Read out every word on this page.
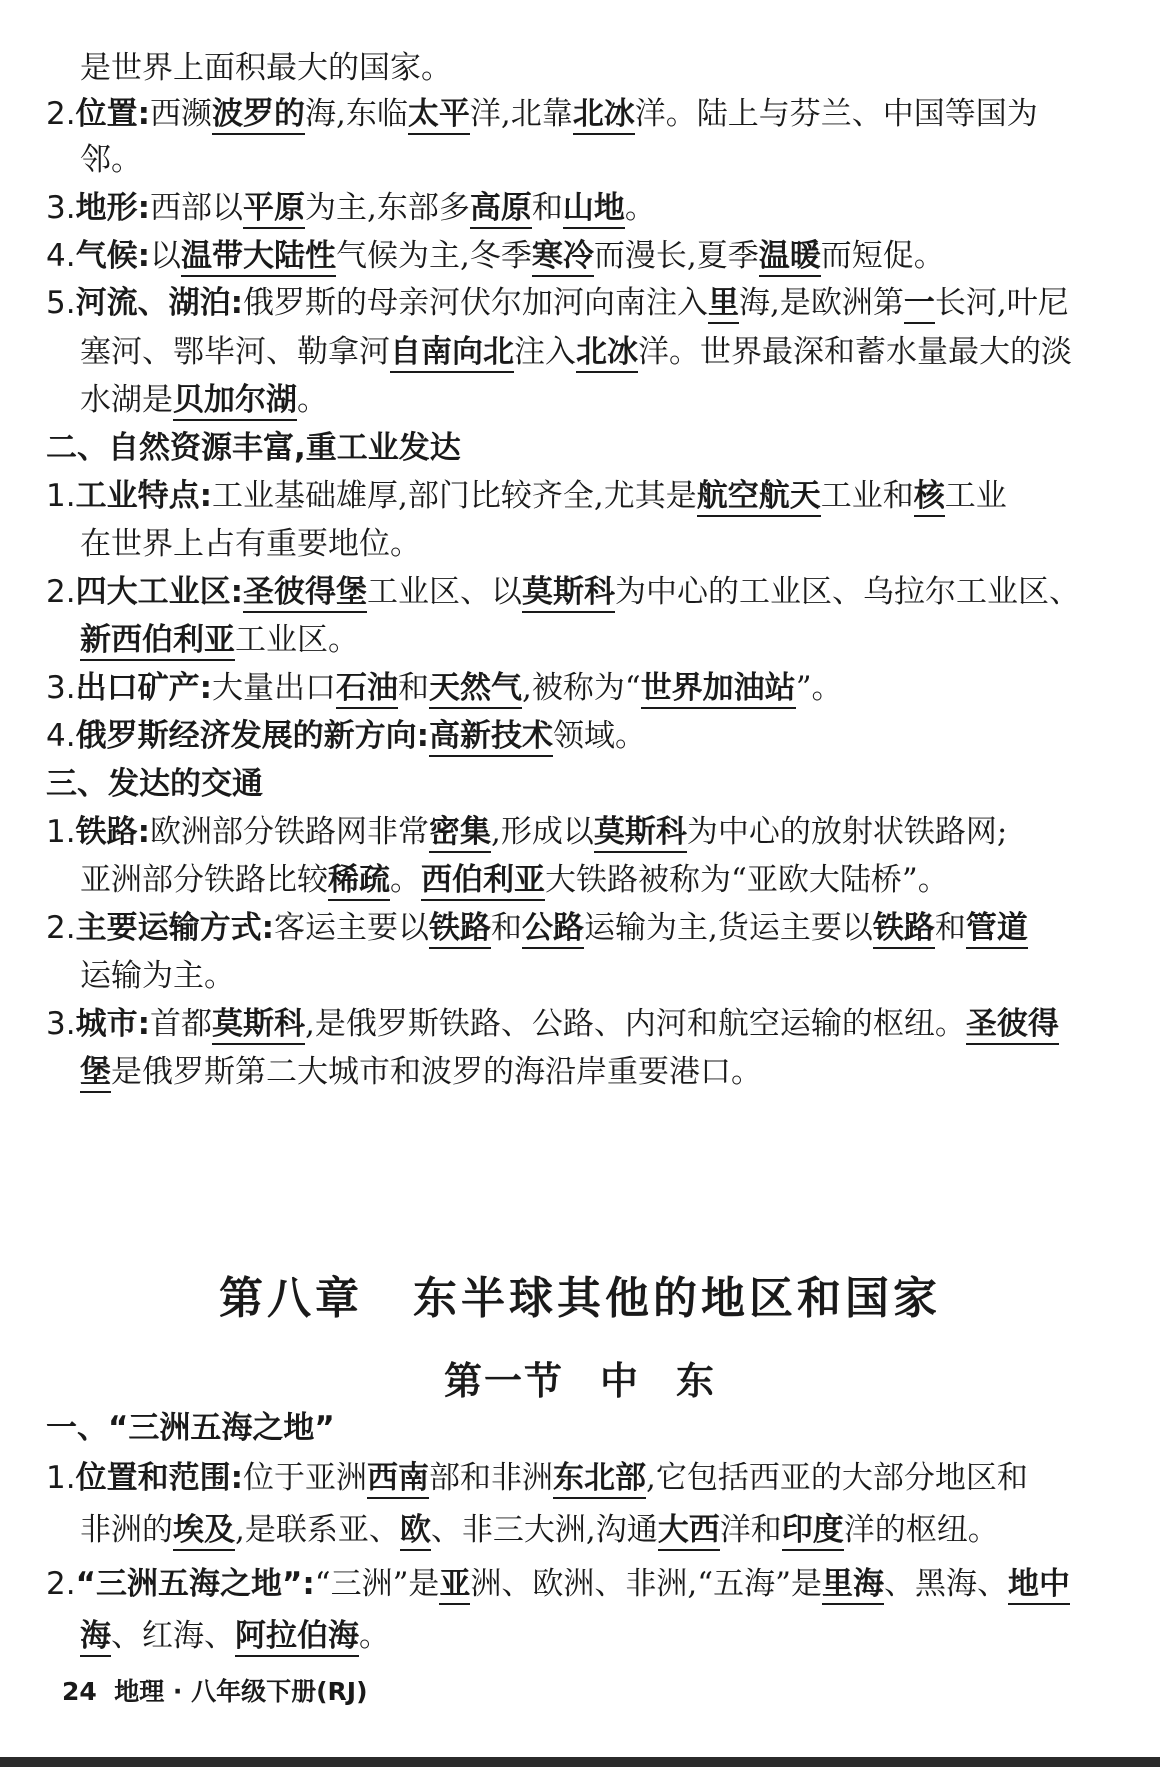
是世界上面积最大的国家。
2.位置:西濒波罗的海,东临太平洋,北靠北冰洋。陆上与芬兰、中国等国为
邻。
3.地形:西部以平原为主,东部多高原和山地。
4.气候:以温带大陆性气候为主,冬季寒冷而漫长,夏季温暖而短促。
5.河流、湖泊:俄罗斯的母亲河伏尔加河向南注入里海,是欧洲第一长河,叶尼
塞河、鄂毕河、勒拿河自南向北注入北冰洋。世界最深和蓄水量最大的淡
水湖是贝加尔湖。
二、自然资源丰富,重工业发达
1.工业特点:工业基础雄厚,部门比较齐全,尤其是航空航天工业和核工业
在世界上占有重要地位。
2.四大工业区:圣彼得堡工业区、以莫斯科为中心的工业区、乌拉尔工业区、
新西伯利亚工业区。
3.出口矿产:大量出口石油和天然气,被称为“世界加油站”。
4.俄罗斯经济发展的新方向:高新技术领域。
三、发达的交通
1.铁路:欧洲部分铁路网非常密集,形成以莫斯科为中心的放射状铁路网;
亚洲部分铁路比较稀疏。西伯利亚大铁路被称为“亚欧大陆桥”。
2.主要运输方式:客运主要以铁路和公路运输为主,货运主要以铁路和管道
运输为主。
3.城市:首都莫斯科,是俄罗斯铁路、公路、内河和航空运输的枢纽。圣彼得
堡是俄罗斯第二大城市和波罗的海沿岸重要港口。
第八章 东半球其他的地区和国家
第一节 中 东
一、“三洲五海之地”
1.位置和范围:位于亚洲西南部和非洲东北部,它包括西亚的大部分地区和
非洲的埃及,是联系亚、欧、非三大洲,沟通大西洋和印度洋的枢纽。
2.“三洲五海之地”:“三洲”是亚洲、欧洲、非洲,“五海”是里海、黑海、地中
海、红海、阿拉伯海。
24 地理 · 八年级下册(RJ)
